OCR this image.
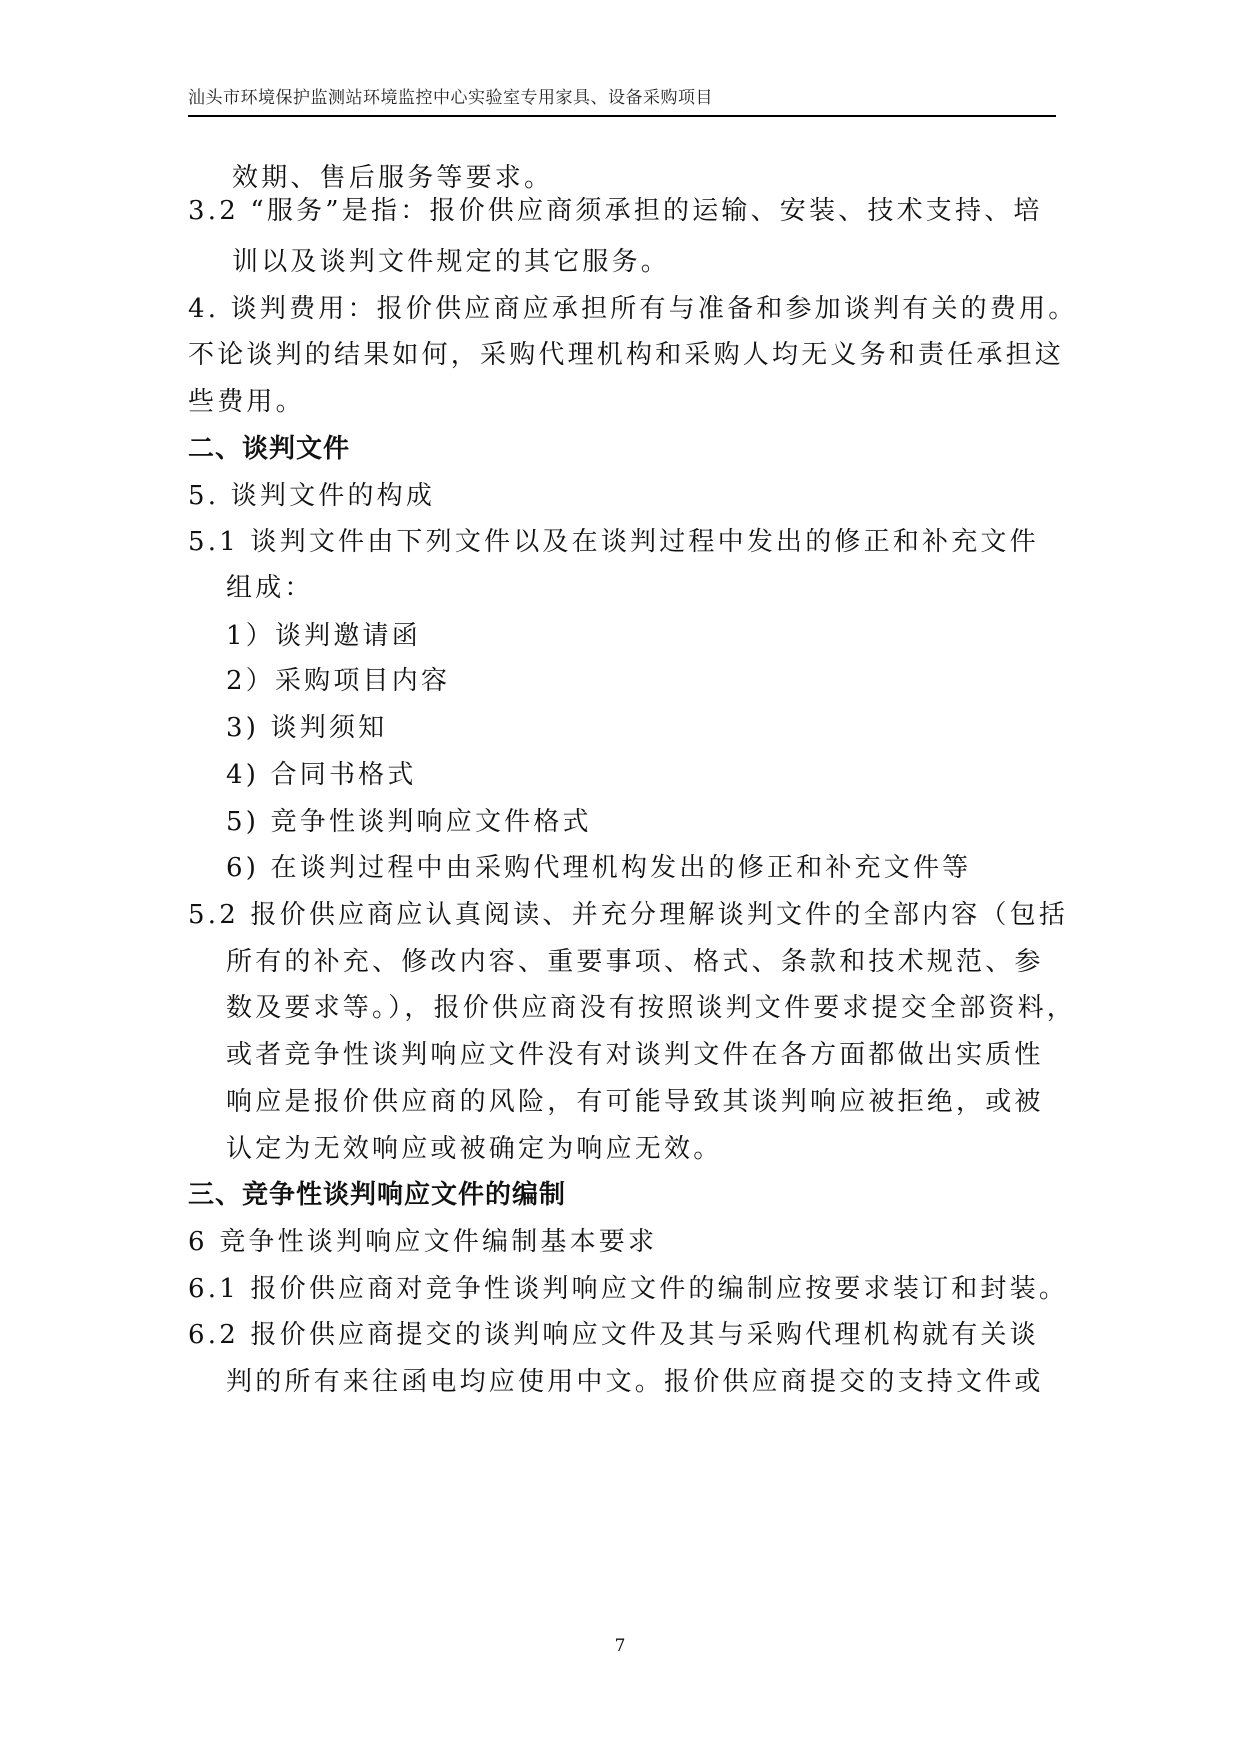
汕头市环境保护监测站环境监控中心实验室专用家具、设备采购项目
效期、售后服务等要求。
3.2 “服务”是指：报价供应商须承担的运输、安装、技术支持、培
训以及谈判文件规定的其它服务。
4. 谈判费用：报价供应商应承担所有与准备和参加谈判有关的费用。
不论谈判的结果如何，采购代理机构和采购人均无义务和责任承担这
些费用。
二、谈判文件
5. 谈判文件的构成
5.1 谈判文件由下列文件以及在谈判过程中发出的修正和补充文件
组成：
1）谈判邀请函
2）采购项目内容
3) 谈判须知
4) 合同书格式
5) 竞争性谈判响应文件格式
6) 在谈判过程中由采购代理机构发出的修正和补充文件等
5.2 报价供应商应认真阅读、并充分理解谈判文件的全部内容（包括
所有的补充、修改内容、重要事项、格式、条款和技术规范、参
数及要求等。），报价供应商没有按照谈判文件要求提交全部资料，
或者竞争性谈判响应文件没有对谈判文件在各方面都做出实质性
响应是报价供应商的风险，有可能导致其谈判响应被拒绝，或被
认定为无效响应或被确定为响应无效。
三、竞争性谈判响应文件的编制
6 竞争性谈判响应文件编制基本要求
6.1 报价供应商对竞争性谈判响应文件的编制应按要求装订和封装。
6.2 报价供应商提交的谈判响应文件及其与采购代理机构就有关谈
判的所有来往函电均应使用中文。报价供应商提交的支持文件或
7
